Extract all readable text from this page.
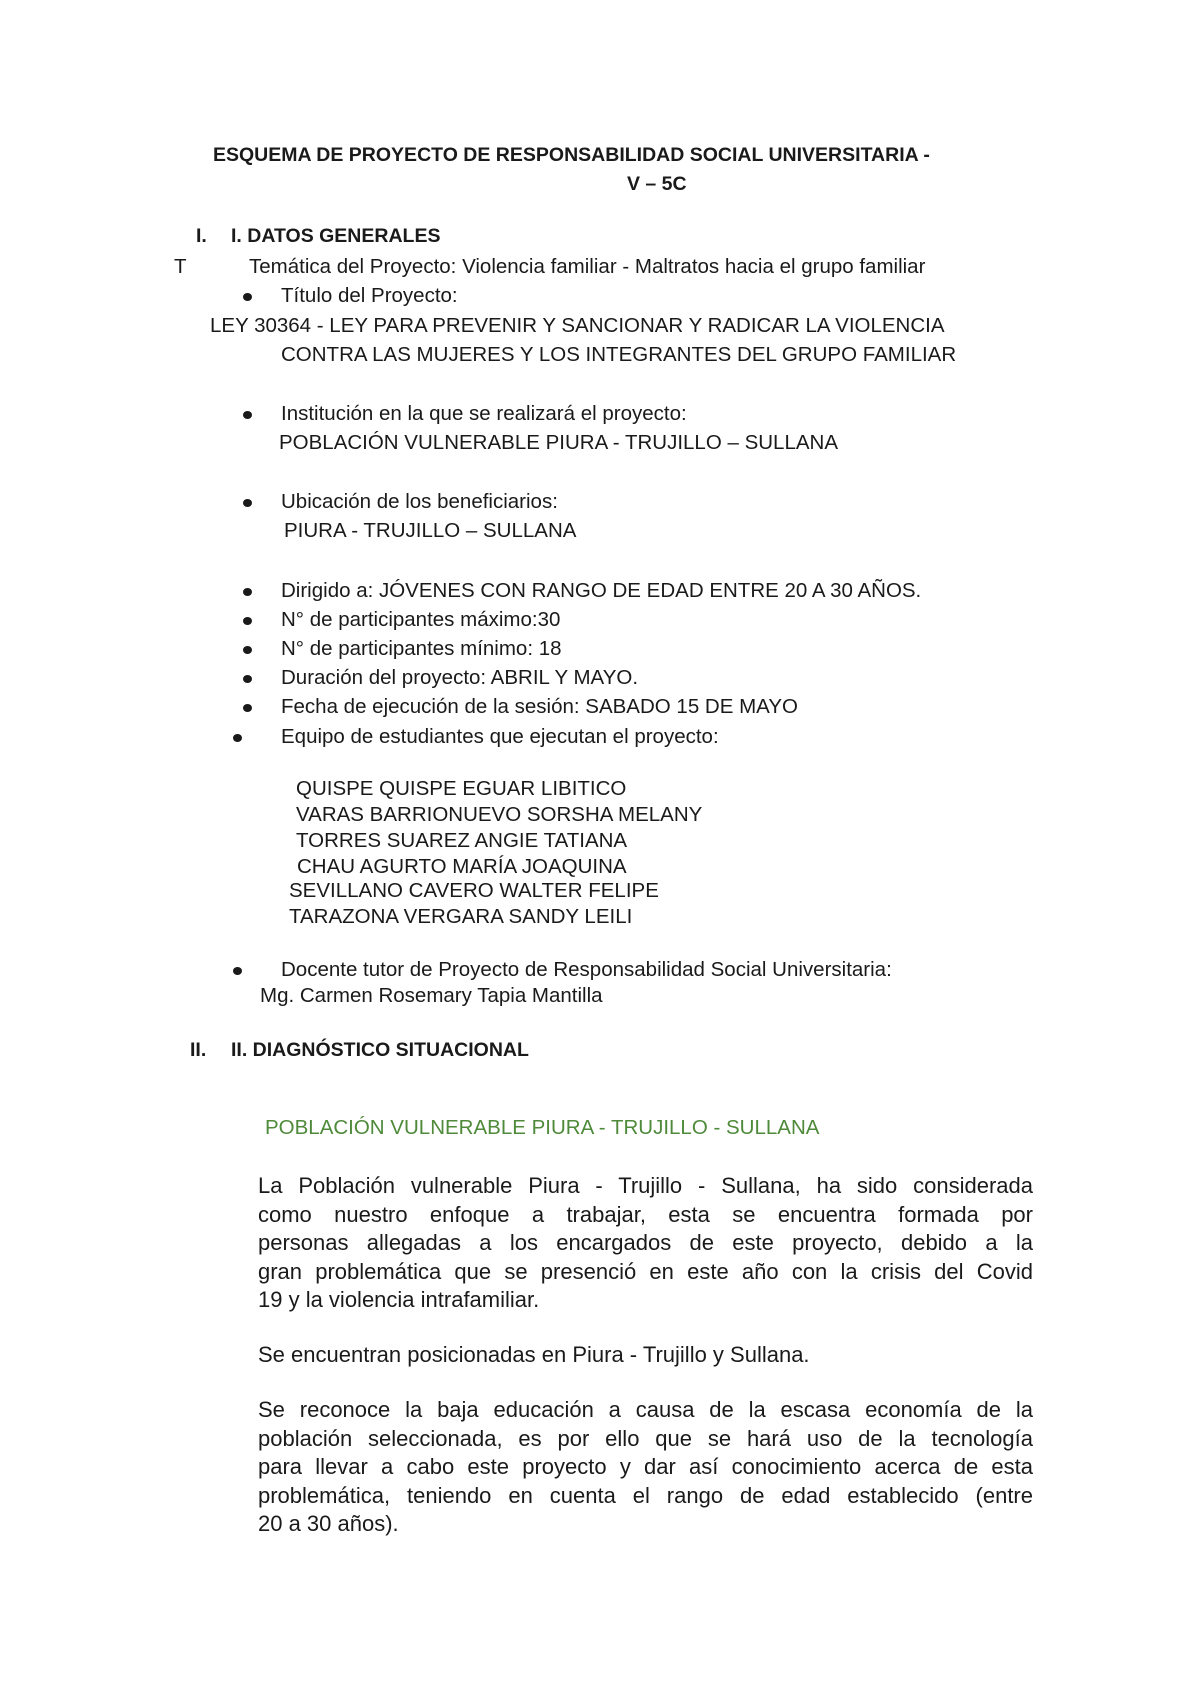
ESQUEMA DE PROYECTO DE RESPONSABILIDAD SOCIAL UNIVERSITARIA -
V – 5C
I. I. DATOS GENERALES
T	Temática del Proyecto: Violencia familiar - Maltratos hacia el grupo familiar
Título del Proyecto:
LEY 30364 - LEY PARA PREVENIR Y SANCIONAR Y RADICAR LA VIOLENCIA
CONTRA LAS MUJERES Y LOS INTEGRANTES DEL GRUPO FAMILIAR
Institución en la que se realizará el proyecto:
POBLACIÓN VULNERABLE PIURA - TRUJILLO – SULLANA
Ubicación de los beneficiarios:
PIURA - TRUJILLO – SULLANA
Dirigido a: JÓVENES CON RANGO DE EDAD ENTRE 20 A 30 AÑOS.
N° de participantes máximo:30
N° de participantes mínimo: 18
Duración del proyecto: ABRIL Y MAYO.
Fecha de ejecución de la sesión: SABADO 15 DE MAYO
Equipo de estudiantes que ejecutan el proyecto:
QUISPE QUISPE EGUAR LIBITICO
VARAS BARRIONUEVO SORSHA MELANY
TORRES SUAREZ ANGIE TATIANA
CHAU AGURTO MARÍA JOAQUINA
SEVILLANO CAVERO WALTER FELIPE
TARAZONA VERGARA SANDY LEILI
Docente tutor de Proyecto de Responsabilidad Social Universitaria:
Mg. Carmen Rosemary Tapia Mantilla
II. II. DIAGNÓSTICO SITUACIONAL
POBLACIÓN VULNERABLE PIURA - TRUJILLO - SULLANA
La Población vulnerable Piura - Trujillo - Sullana, ha sido considerada
como nuestro enfoque a trabajar, esta se encuentra formada por
personas allegadas a los encargados de este proyecto, debido a la
gran problemática que se presenció en este año con la crisis del Covid
19 y la violencia intrafamiliar.
Se encuentran posicionadas en Piura - Trujillo y Sullana.
Se reconoce la baja educación a causa de la escasa economía de la
población seleccionada, es por ello que se hará uso de la tecnología
para llevar a cabo este proyecto y dar así conocimiento acerca de esta
problemática, teniendo en cuenta el rango de edad establecido (entre
20 a 30 años).
